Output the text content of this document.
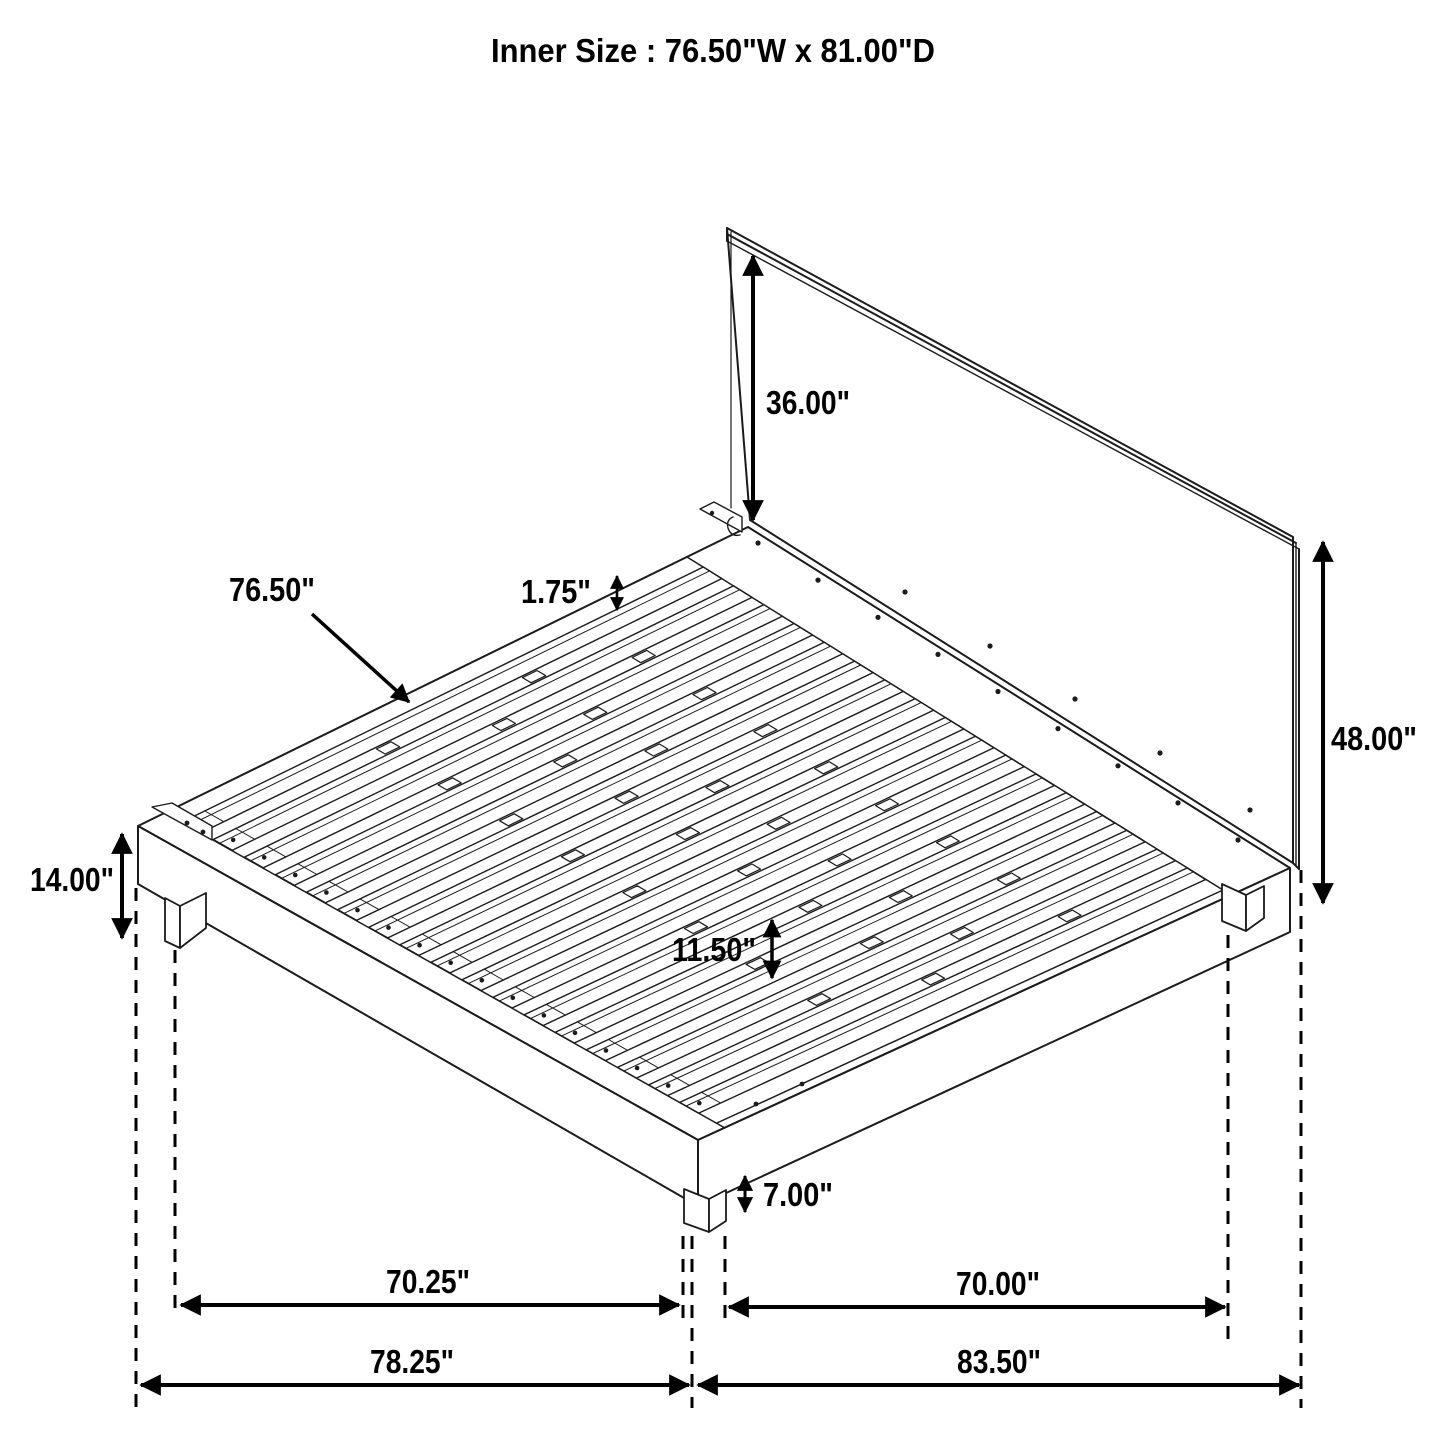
36.00"
48.00"
76.50"	1.75"
14.00"
11.50"
7.00"
70.25"	70.00"
78.25"	83.50"
Inner Size : 76.50"W x 81.00"D
